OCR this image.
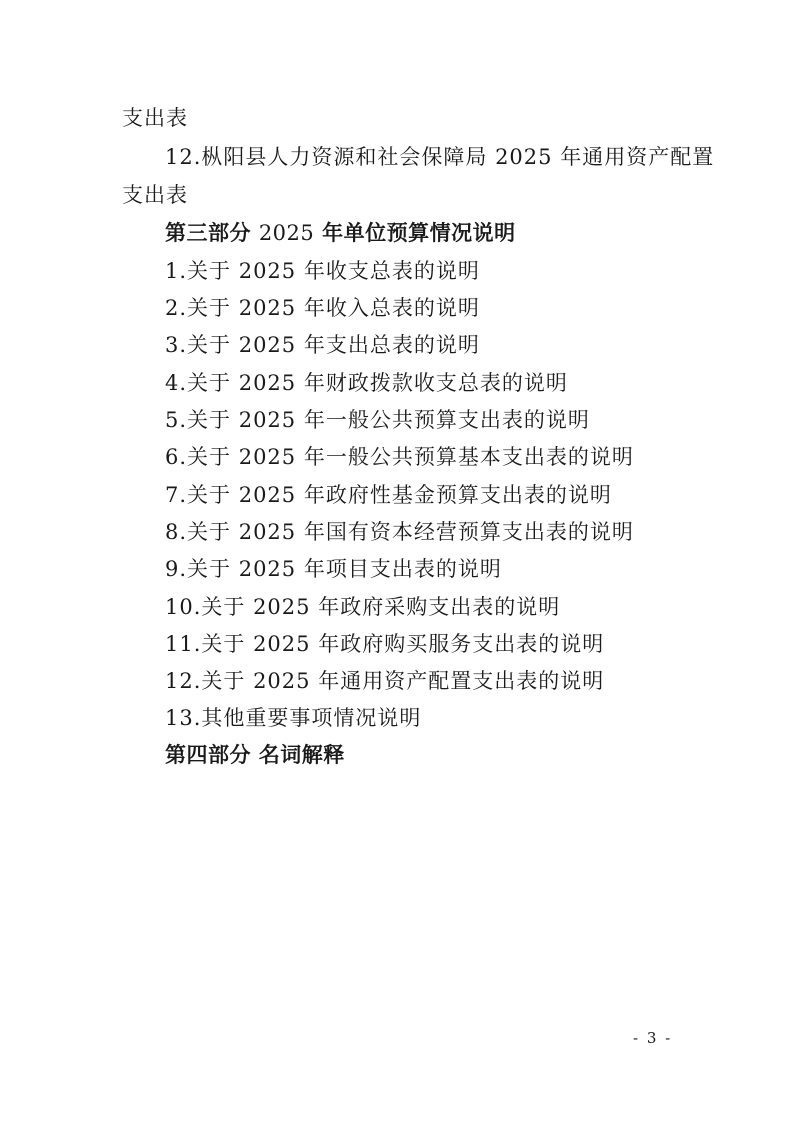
支出表
12.枞阳县人力资源和社会保障局 2025 年通用资产配置
支出表
第三部分 2025 年单位预算情况说明
1.关于 2025 年收支总表的说明
2.关于 2025 年收入总表的说明
3.关于 2025 年支出总表的说明
4.关于 2025 年财政拨款收支总表的说明
5.关于 2025 年一般公共预算支出表的说明
6.关于 2025 年一般公共预算基本支出表的说明
7.关于 2025 年政府性基金预算支出表的说明
8.关于 2025 年国有资本经营预算支出表的说明
9.关于 2025 年项目支出表的说明
10.关于 2025 年政府采购支出表的说明
11.关于 2025 年政府购买服务支出表的说明
12.关于 2025 年通用资产配置支出表的说明
13.其他重要事项情况说明
第四部分 名词解释
- 3 -
